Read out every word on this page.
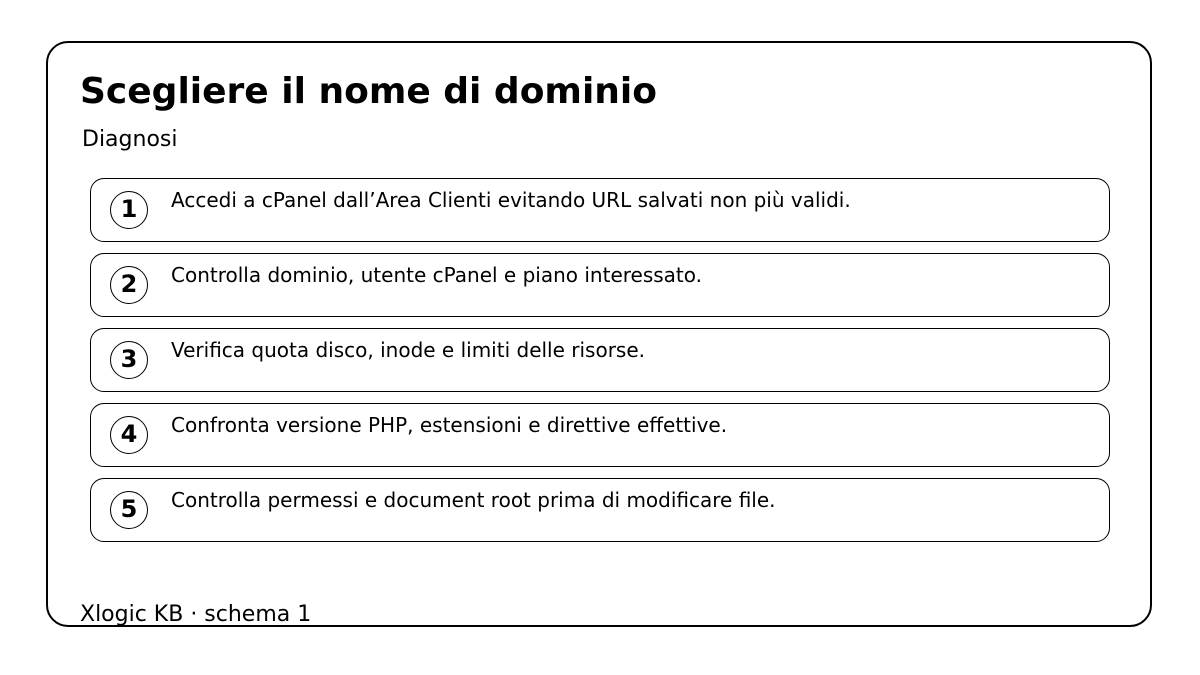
Scegliere il nome di dominio
Diagnosi
1	Accedi a cPanel dall’Area Clienti evitando URL salvati non più validi.
2	Controlla dominio, utente cPanel e piano interessato.
3	Verifica quota disco, inode e limiti delle risorse.
4	Confronta versione PHP, estensioni e direttive effettive.
5	Controlla permessi e document root prima di modificare file.
Xlogic KB · schema 1
